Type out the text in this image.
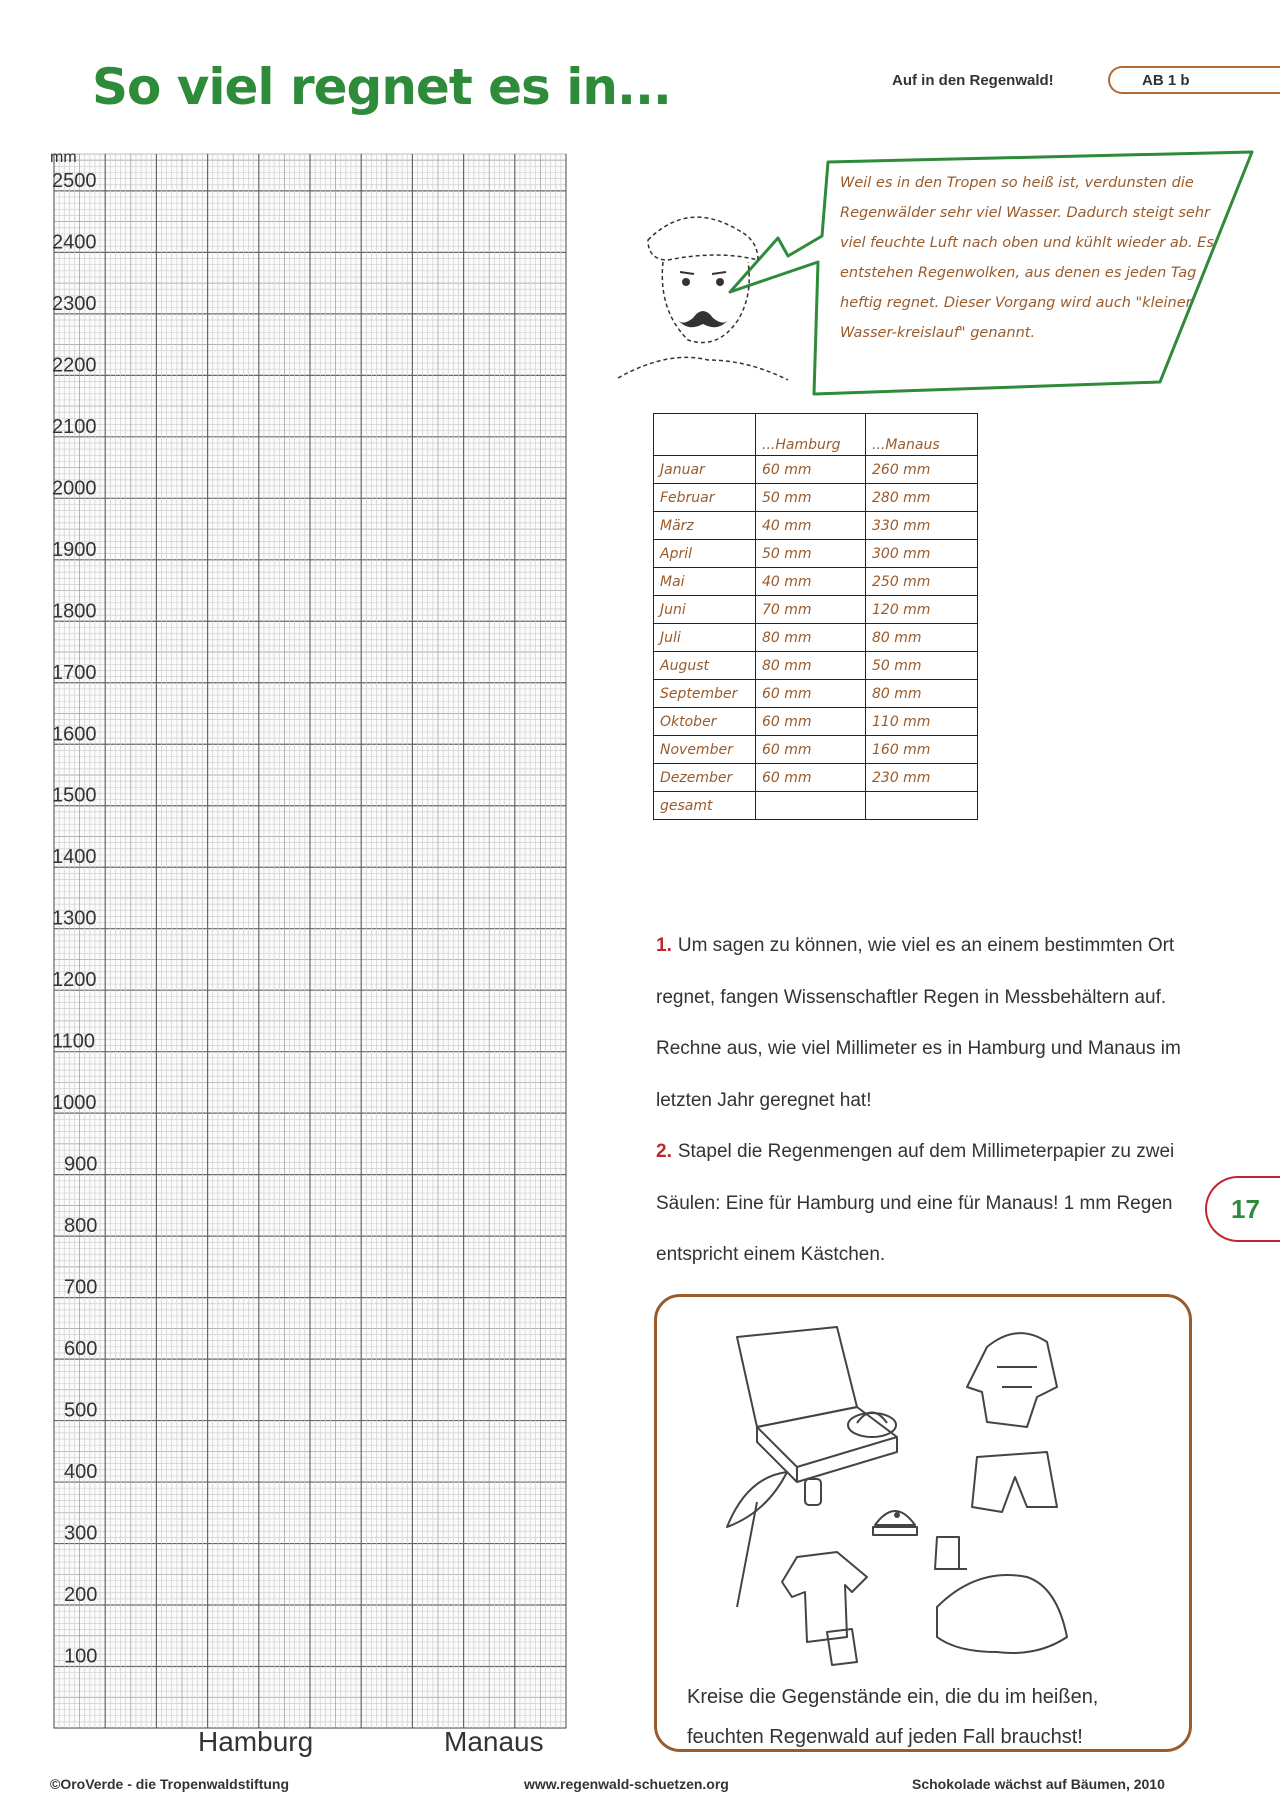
So viel regnet es in...	Auf in den Regenwald!	AB 1 b
mm
2500
2400
2300
2200
2100
2000
1900
1800
1700
1600
1500
1400
1300
1200
1100
1000
900
800
700
600
500
400
300
200
100
Hamburg	Manaus
Weil es in den Tropen so heiß ist, verdunsten die Regenwälder sehr viel Wasser. Dadurch steigt sehr viel feuchte Luft nach oben und kühlt wieder ab. Es entstehen Regenwolken, aus denen es jeden Tag heftig regnet. Dieser Vorgang wird auch "kleiner Wasser-kreislauf" genannt.
	...Hamburg	...Manaus
Januar	60 mm	260 mm
Februar	50 mm	280 mm
März	40 mm	330 mm
April	50 mm	300 mm
Mai	40 mm	250 mm
Juni	70 mm	120 mm
Juli	80 mm	80 mm
August	80 mm	50 mm
September	60 mm	80 mm
Oktober	60 mm	110 mm
November	60 mm	160 mm
Dezember	60 mm	230 mm
gesamt		
1. Um sagen zu können, wie viel es an einem bestimmten Ort regnet, fangen Wissenschaftler Regen in Messbehältern auf. Rechne aus, wie viel Millimeter es in Hamburg und Manaus im letzten Jahr geregnet hat!
2. Stapel die Regenmengen auf dem Millimeterpapier zu zwei Säulen: Eine für Hamburg und eine für Manaus! 1 mm Regen entspricht einem Kästchen.
17
Kreise die Gegenstände ein, die du im heißen, feuchten Regenwald auf jeden Fall brauchst!
©OroVerde - die Tropenwaldstiftung	www.regenwald-schuetzen.org	Schokolade wächst auf Bäumen, 2010
